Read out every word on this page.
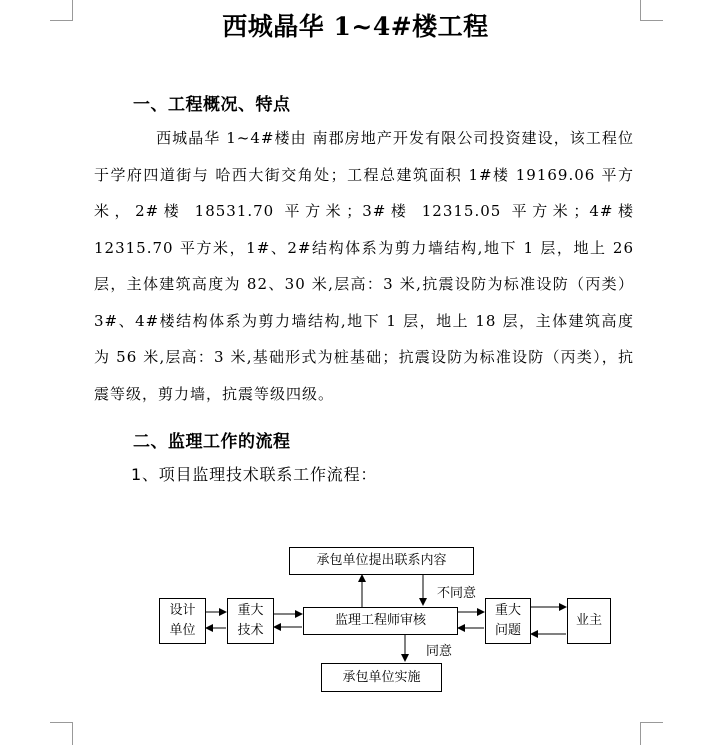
西城晶华 1~4#楼工程
一、工程概况、特点
西城晶华 1~4#楼由 南郡房地产开发有限公司投资建设，该工程位于学府四道街与 哈西大街交角处；工程总建筑面积 1#楼 19169.06 平方米，2#楼 18531.70 平方米；3#楼 12315.05 平方米；4#楼 12315.70 平方米，1#、2#结构体系为剪力墙结构,地下 1 层，地上 26 层，主体建筑高度为 82、30 米,层高：3 米,抗震设防为标准设防（丙类）3#、4#楼结构体系为剪力墙结构,地下 1 层，地上 18 层，主体建筑高度为 56 米,层高：3 米,基础形式为桩基础；抗震设防为标准设防（丙类），抗震等级，剪力墙，抗震等级四级。
二、监理工作的流程
1、项目监理技术联系工作流程：
承包单位提出联系内容
设计
单位
重大
技术
监理工程师审核
重大
问题
业主
承包单位实施
不同意
同意
